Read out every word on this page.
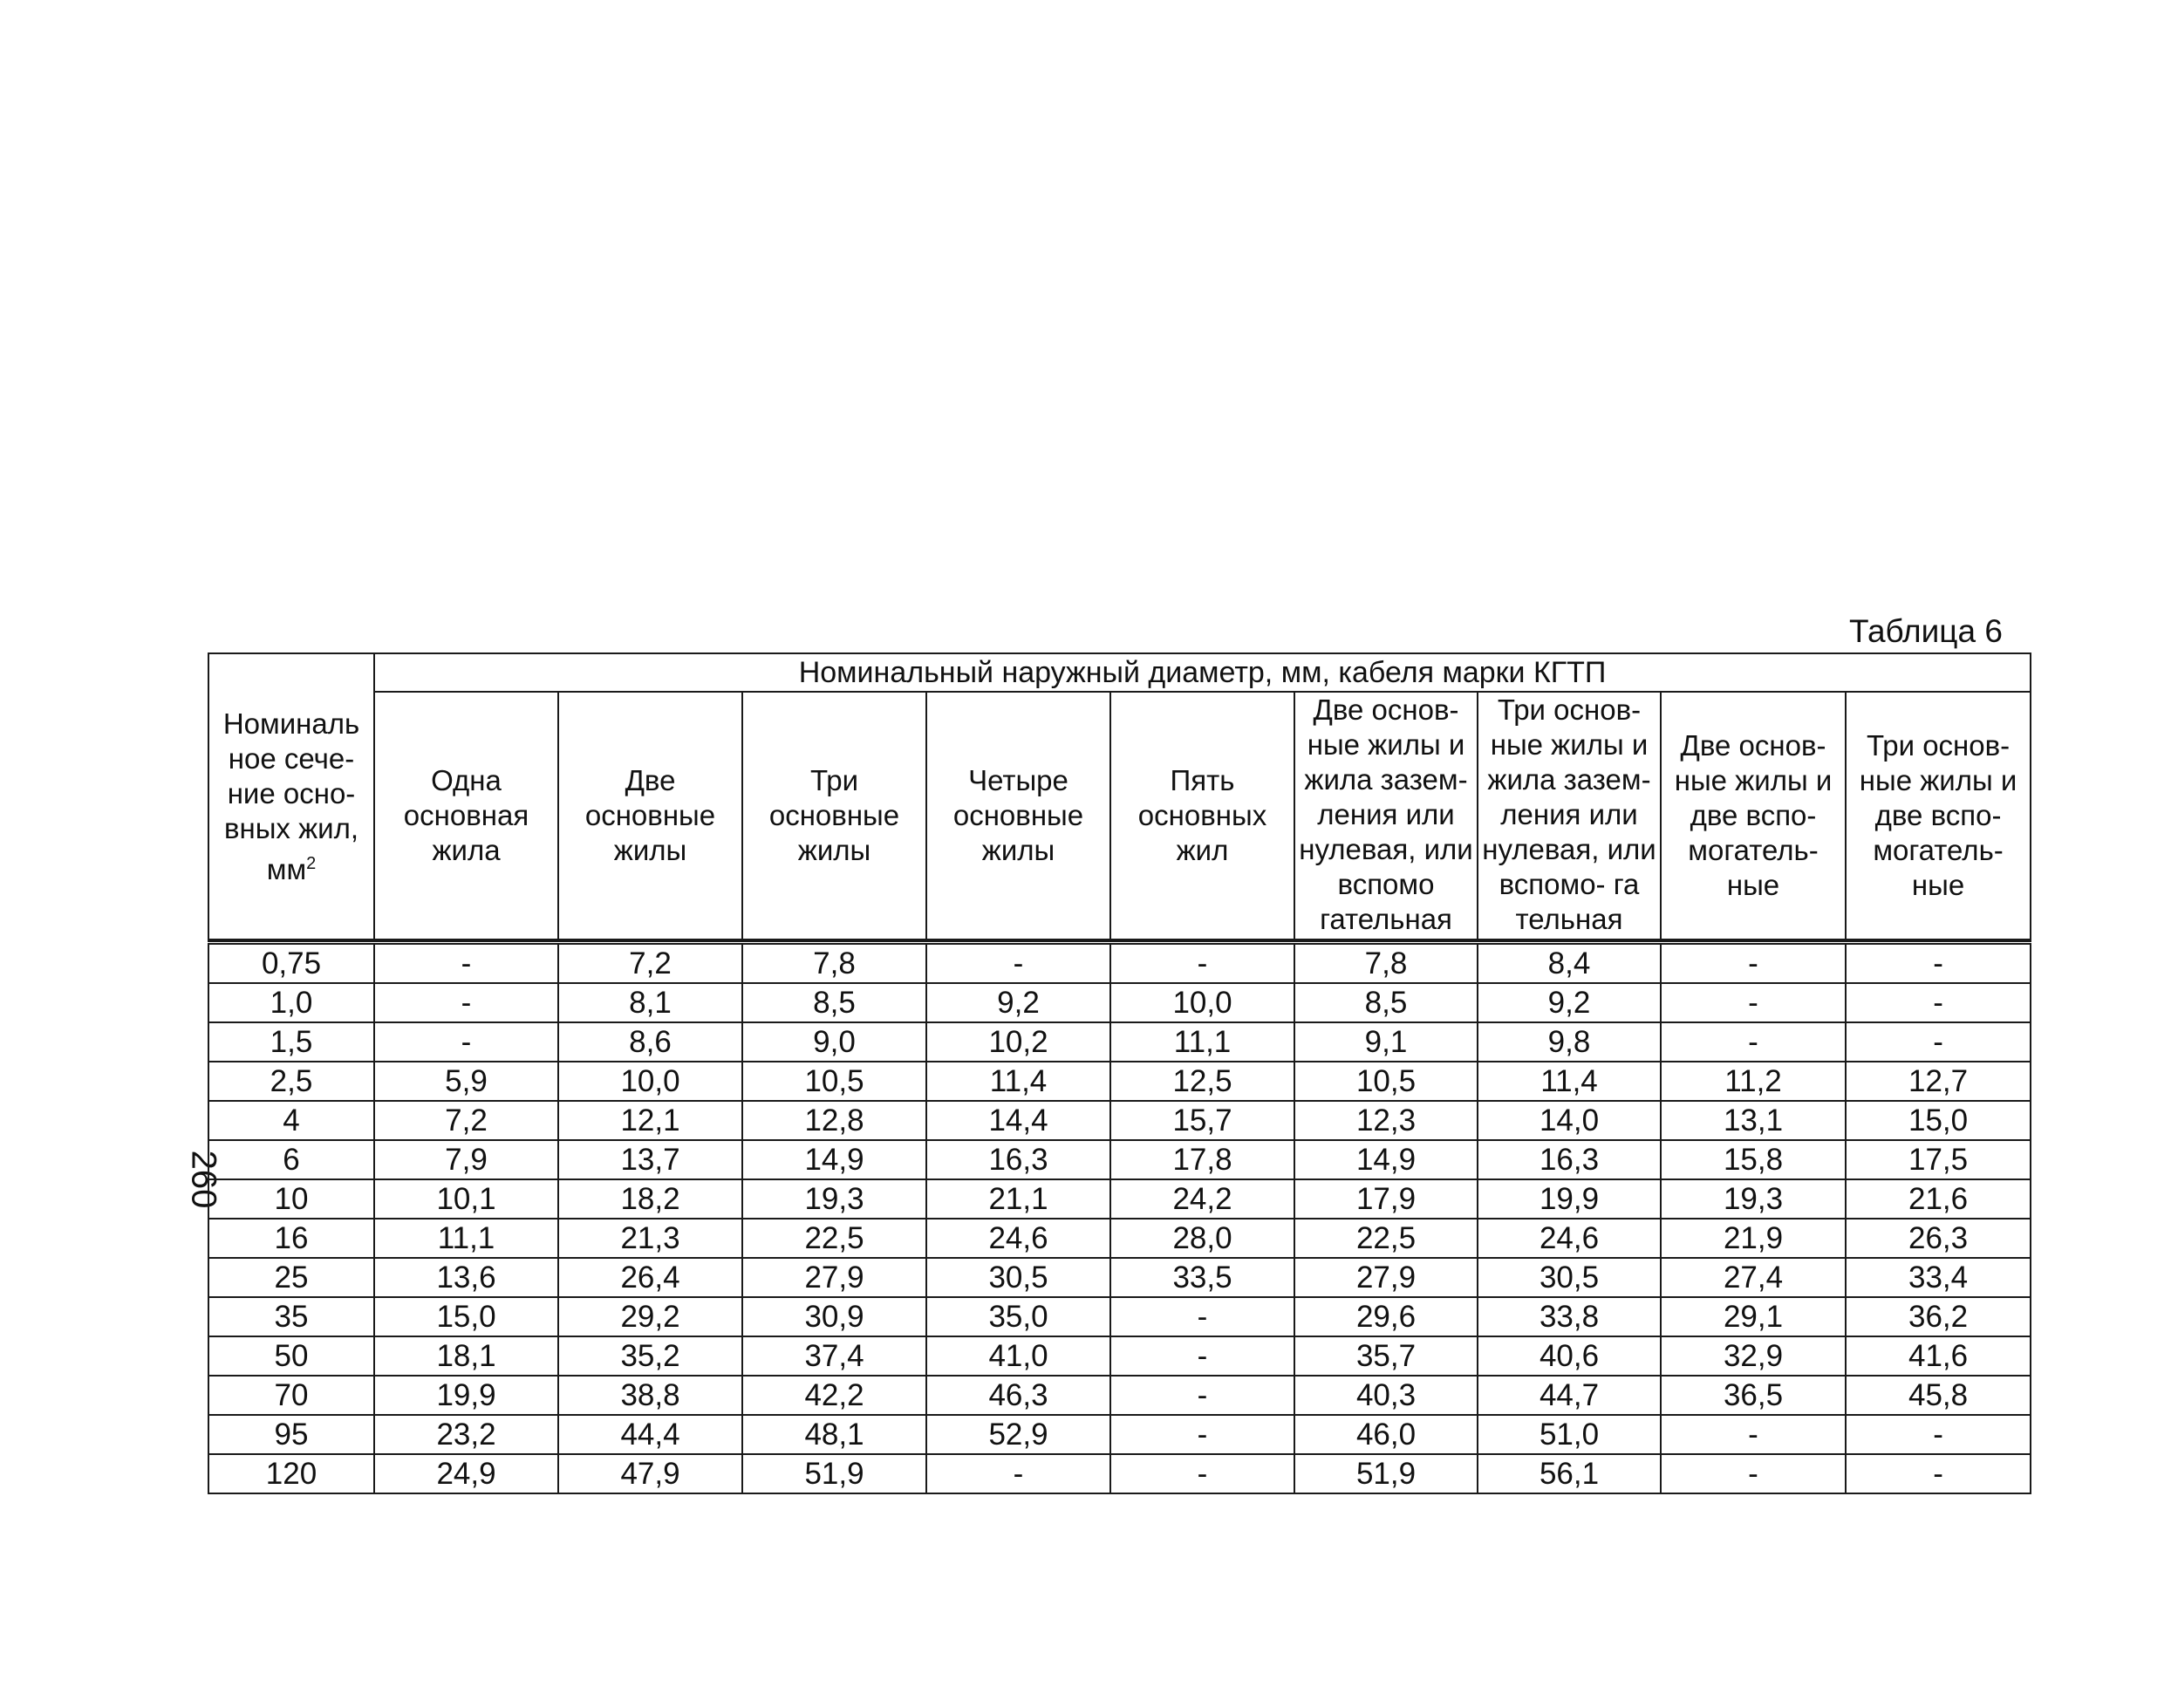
Таблица 6
260
Номиналь ное сече- ние осно- вных жил, $мм^2$	Номинальный наружный диаметр, мм, кабеля марки КГТП								
	Одна основная жила	Две основные жилы	Три основные жилы	Четыре основные жилы	Пять основных жил	Две основ- ные жилы и жила зазем- ления или нулевая, или вспомо гательная	Три основ- ные жилы и жила зазем- ления или нулевая, или вспомо- га тельная	Две основ- ные жилы и две вспо- могатель- ные	Три основ- ные жилы и две вспо- могатель- ные

0,75	-	7,2	7,8	-	-	7,8	8,4	-	-
1,0	-	8,1	8,5	9,2	10,0	8,5	9,2	-	-
1,5	-	8,6	9,0	10,2	11,1	9,1	9,8	-	-
2,5	5,9	10,0	10,5	11,4	12,5	10,5	11,4	11,2	12,7
4	7,2	12,1	12,8	14,4	15,7	12,3	14,0	13,1	15,0
6	7,9	13,7	14,9	16,3	17,8	14,9	16,3	15,8	17,5
10	10,1	18,2	19,3	21,1	24,2	17,9	19,9	19,3	21,6
16	11,1	21,3	22,5	24,6	28,0	22,5	24,6	21,9	26,3
25	13,6	26,4	27,9	30,5	33,5	27,9	30,5	27,4	33,4
35	15,0	29,2	30,9	35,0	-	29,6	33,8	29,1	36,2
50	18,1	35,2	37,4	41,0	-	35,7	40,6	32,9	41,6
70	19,9	38,8	42,2	46,3	-	40,3	44,7	36,5	45,8
95	23,2	44,4	48,1	52,9	-	46,0	51,0	-	-
120	24,9	47,9	51,9	-	-	51,9	56,1	-	-
